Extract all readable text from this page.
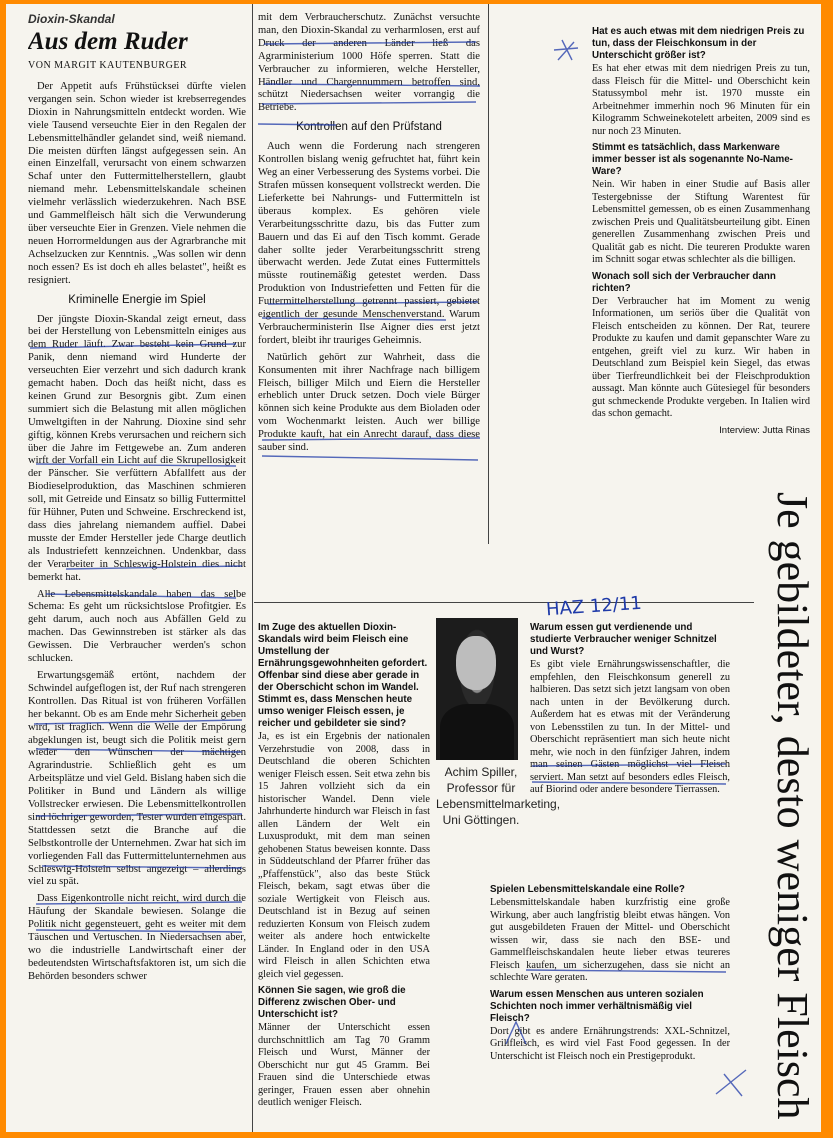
Dioxin-Skandal
Aus dem Ruder
VON MARGIT KAUTENBURGER

Der Appetit aufs Frühstücksei dürfte vielen vergangen sein. Schon wieder ist krebserregendes Dioxin in Nahrungsmitteln entdeckt worden. Wie viele Tausend verseuchte Eier in den Regalen der Lebensmittelhändler gelandet sind, weiß niemand. Die meisten dürften längst aufgegessen sein. An einen Einzelfall, verursacht von einem schwarzen Schaf unter den Futtermittelherstellern, glaubt niemand mehr. Lebensmittelskandale scheinen vielmehr verlässlich wiederzukehren. Nach BSE und Gammelfleisch hält sich die Verwunderung über verseuchte Eier in Grenzen. Viele nehmen die neuen Horrormeldungen aus der Agrarbranche mit Achselzucken zur Kenntnis. „Was sollen wir denn noch essen? Es ist doch eh alles belastet", heißt es resigniert.

Kriminelle Energie im Spiel

Der jüngste Dioxin-Skandal zeigt erneut, dass bei der Herstellung von Lebensmitteln einiges aus dem Ruder läuft. Zwar besteht kein Grund zur Panik, denn niemand wird Hunderte der verseuchten Eier verzehrt und sich dadurch krank gemacht haben. Doch das heißt nicht, dass es keinen Grund zur Besorgnis gibt. Zum einen summiert sich die Belastung mit allen möglichen Umweltgiften in der Nahrung. Dioxine sind sehr giftig, können Krebs verursachen und reichern sich über die Jahre im Fettgewebe an. Zum anderen wirft der Vorfall ein Licht auf die Skrupellosigkeit der Pänscher. Sie verfüttern Abfallfett aus der Biodieselproduktion, das Maschinen schmieren soll, mit Getreide und Einsatz so billig Futtermittel für Hühner, Puten und Schweine. Erschreckend ist, dass dies jahrelang niemandem auffiel. Dabei musste der Emder Hersteller jede Charge deutlich als Industriefett kennzeichnen. Undenkbar, dass der Verarbeiter in Schleswig-Holstein dies nicht bemerkt hat.

Alle Lebensmittelskandale haben das selbe Schema: Es geht um rücksichtslose Profitgier. Es geht darum, auch noch aus Abfällen Geld zu machen. Das Gewinnstreben ist stärker als das Gewissen. Die Verbraucher werden's schon schlucken.

Erwartungsgemäß ertönt, nachdem der Schwindel aufgeflogen ist, der Ruf nach strengeren Kontrollen. Das Ritual ist von früheren Vorfällen her bekannt. Ob es am Ende mehr Sicherheit geben wird, ist fraglich. Wenn die Welle der Empörung abgeklungen ist, beugt sich die Politik meist gern wieder den Wünschen der mächtigen Agrarindustrie. Schließlich geht es um Arbeitsplätze und viel Geld. Bislang haben sich die Politiker in Bund und Ländern als willige Vollstrecker erwiesen. Die Lebensmittelkontrollen sind löchriger geworden, Tester wurden eingespart. Stattdessen setzt die Branche auf die Selbstkontrolle der Unternehmen. Zwar hat sich im vorliegenden Fall das Futtermittelunternehmen aus Schleswig-Holstein selbst angezeigt – allerdings viel zu spät.

Dass Eigenkontrolle nicht reicht, wird durch die Häufung der Skandale bewiesen. Solange die Politik nicht gegensteuert, geht es weiter mit dem Täuschen und Vertuschen. In Niedersachsen aber, wo die industrielle Landwirtschaft einer der bedeutendsten Wirtschaftsfaktoren ist, um sich die Behörden besonders schwer

mit dem Verbraucherschutz. Zunächst versuchte man, den Dioxin-Skandal zu verharmlosen, erst auf Druck der anderen Länder ließ das Agrarministerium 1000 Höfe sperren. Statt die Verbraucher zu informieren, welche Hersteller, Händler und Chargennummern betroffen sind, schützt Niedersachsen weiter vorrangig die Betriebe.

Kontrollen auf den Prüfstand

Auch wenn die Forderung nach strengeren Kontrollen bislang wenig gefruchtet hat, führt kein Weg an einer Verbesserung des Systems vorbei. Die Strafen müssen konsequent vollstreckt werden. Die Lieferkette bei Nahrungs- und Futtermitteln ist überaus komplex. Es gehören viele Verarbeitungsschritte dazu, bis das Futter zum Bauern und das Ei auf den Tisch kommt. Gerade daher sollte jeder Verarbeitungsschritt streng überwacht werden. Jede Zutat eines Futtermittels müsste routinemäßig getestet werden. Dass Produktion von Industriefetten und Fetten für die Futtermittelherstellung getrennt passiert, gebietet eigentlich der gesunde Menschenverstand. Warum Verbraucherministerin Ilse Aigner dies erst jetzt fordert, bleibt ihr trauriges Geheimnis.

Natürlich gehört zur Wahrheit, dass die Konsumenten mit ihrer Nachfrage nach billigem Fleisch, billiger Milch und Eiern die Hersteller erheblich unter Druck setzen. Doch viele Bürger können sich keine Produkte aus dem Bioladen oder vom Wochenmarkt leisten. Auch wer billige Produkte kauft, hat ein Anrecht darauf, dass diese sauber sind.

Hat es auch etwas mit dem niedrigen Preis zu tun, dass der Fleischkonsum in der Unterschicht größer ist?
Es hat eher etwas mit dem niedrigen Preis zu tun, dass Fleisch für die Mittel- und Oberschicht kein Statussymbol mehr ist. 1970 musste ein Arbeitnehmer immerhin noch 96 Minuten für ein Kilogramm Schweinekotelett arbeiten, 2009 sind es nur noch 23 Minuten.
Stimmt es tatsächlich, dass Markenware immer besser ist als sogenannte No-Name-Ware?
Nein. Wir haben in einer Studie auf Basis aller Testergebnisse der Stiftung Warentest für Lebensmittel gemessen, ob es einen Zusammenhang zwischen Preis und Qualitätsbeurteilung gibt. Einen generellen Zusammenhang zwischen Preis und Qualität gab es nicht. Die teureren Produkte waren im Schnitt sogar etwas schlechter als die billigen.
Wonach soll sich der Verbraucher dann richten?
Der Verbraucher hat im Moment zu wenig Informationen, um seriös über die Qualität von Fleisch entscheiden zu können. Der Rat, teurere Produkte zu kaufen und damit gepanschter Ware zu entgehen, greift viel zu kurz. Wir haben in Deutschland zum Beispiel kein Siegel, das etwas über Tierfreundlichkeit bei der Fleischproduktion aussagt. Man könnte auch Gütesiegel für besonders gut schmeckende Produkte vergeben. In Italien wird das schon gemacht.
Interview: Jutta Rinas
Im Zuge des aktuellen Dioxin-Skandals wird beim Fleisch eine Umstellung der Ernährungsgewohnheiten gefordert. Offenbar sind diese aber gerade in der Oberschicht schon im Wandel. Stimmt es, dass Menschen heute umso weniger Fleisch essen, je reicher und gebildeter sie sind?
Ja, es ist ein Ergebnis der nationalen Verzehrstudie von 2008, dass in Deutschland die oberen Schichten weniger Fleisch essen. Seit etwa zehn bis 15 Jahren vollzieht sich da ein historischer Wandel. Denn viele Jahrhunderte hindurch war Fleisch in fast allen Ländern der Welt ein Luxusprodukt, mit dem man seinen gehobenen Status beweisen konnte. Dass in Süddeutschland der Pfarrer früher das „Pfaffenstück", also das beste Stück Fleisch, bekam, sagt etwas über die soziale Wertigkeit von Fleisch aus. Deutschland ist in Bezug auf seinen reduzierten Konsum von Fleisch zudem weiter als andere hoch entwickelte Länder. In England oder in den USA wird Fleisch in allen Schichten etwa gleich viel gegessen.
Können Sie sagen, wie groß die Differenz zwischen Ober- und Unterschicht ist?
Männer der Unterschicht essen durchschnittlich am Tag 70 Gramm Fleisch und Wurst, Männer der Oberschicht nur gut 45 Gramm. Bei Frauen sind die Unterschiede etwas geringer, Frauen essen aber ohnehin deutlich weniger Fleisch.
Achim Spiller, Professor für Lebensmittelmarketing, Uni Göttingen.
Warum essen gut verdienende und studierte Verbraucher weniger Schnitzel und Wurst?
Es gibt viele Ernährungswissenschaftler, die empfehlen, den Fleischkonsum generell zu halbieren. Das setzt sich jetzt langsam von oben nach unten in der Bevölkerung durch. Außerdem hat es etwas mit der Veränderung von Lebensstilen zu tun. In der Mittel- und Oberschicht repräsentiert man sich heute nicht mehr, wie noch in den fünfziger Jahren, indem man seinen Gästen möglichst viel Fleisch serviert. Man setzt auf besonders edles Fleisch, auf Biorind oder andere besondere Tierrassen.
Spielen Lebensmittelskandale eine Rolle?
Lebensmittelskandale haben kurzfristig eine große Wirkung, aber auch langfristig bleibt etwas hängen. Von gut ausgebildeten Frauen der Mittel- und Oberschicht wissen wir, dass sie nach den BSE- und Gammelfleischskandalen heute lieber etwas teureres Fleisch kaufen, um sicherzugehen, dass sie nicht an schlechte Ware geraten.
Warum essen Menschen aus unteren sozialen Schichten noch immer verhältnismäßig viel Fleisch?
Dort gibt es andere Ernährungstrends: XXL-Schnitzel, Grillfleisch, es wird viel Fast Food gegessen. In der Unterschicht ist Fleisch noch ein Prestigeprodukt.	Je gebildeter, desto weniger Fleisch
HAZ 12/11
